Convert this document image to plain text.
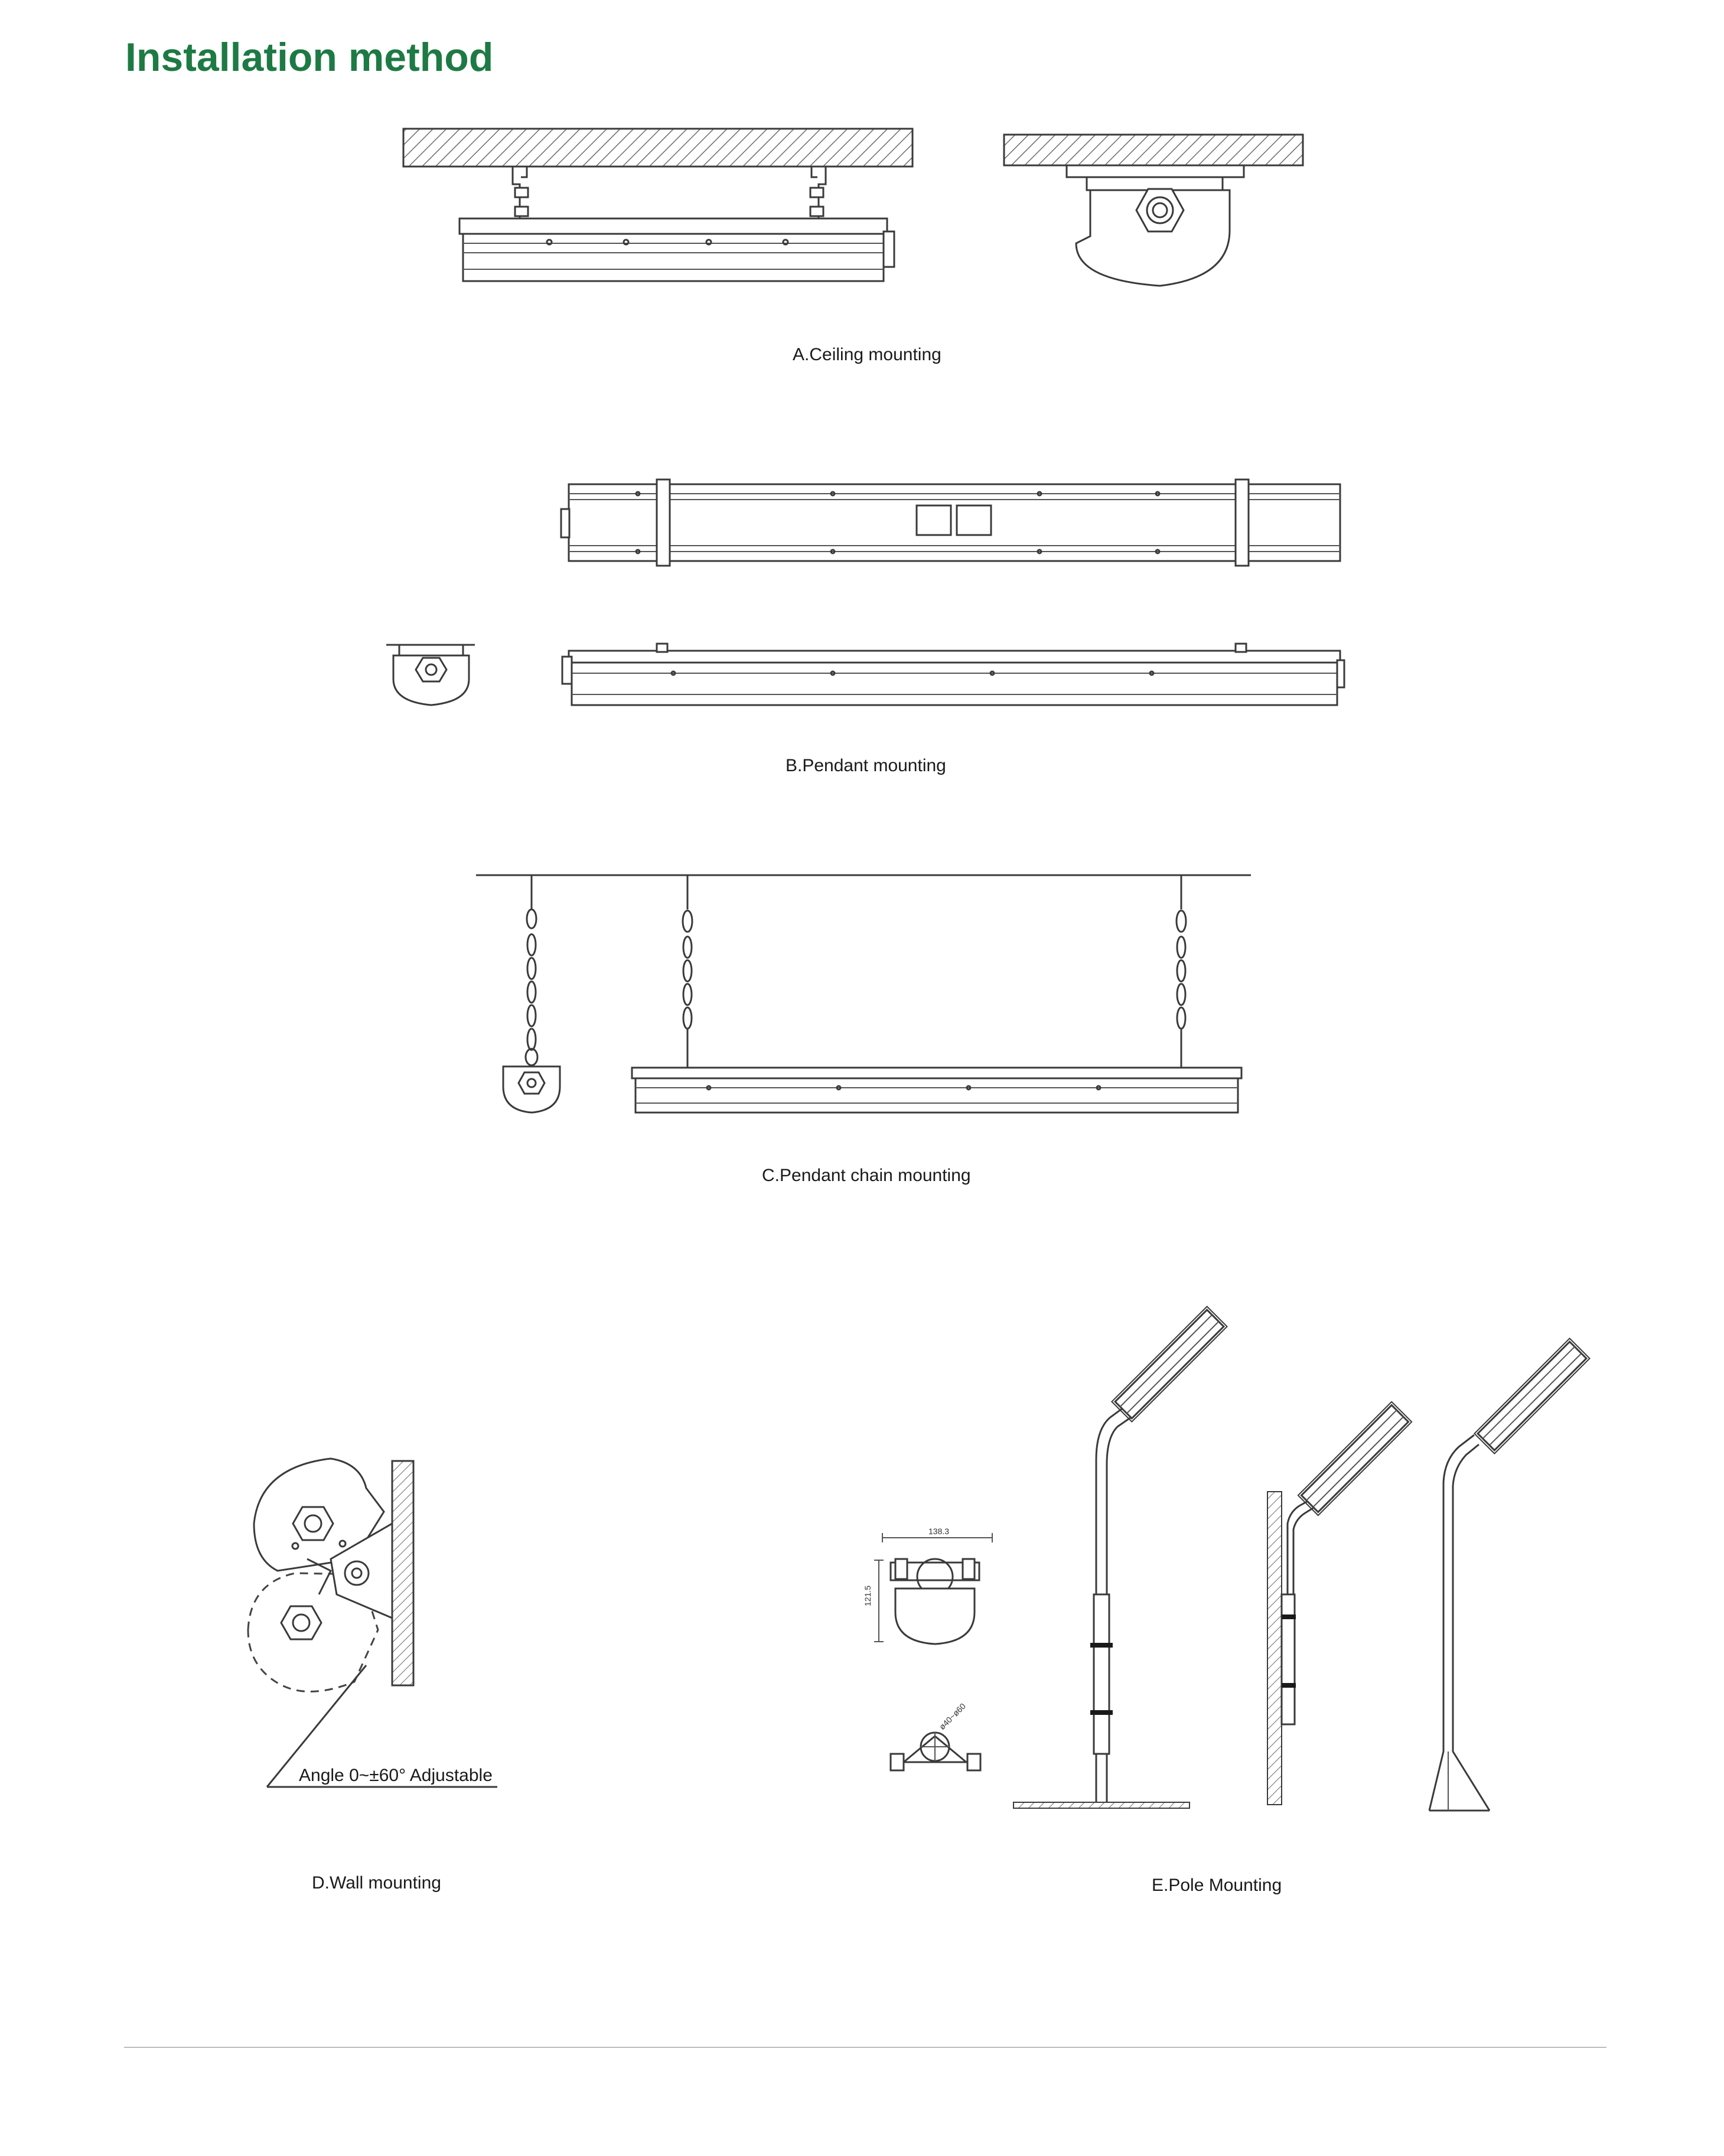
Installation method
138.3
121.5
ø40~ø60
A.Ceiling mounting
B.Pendant mounting
C.Pendant chain mounting
Angle 0~±60° Adjustable
D.Wall mounting	E.Pole Mounting
